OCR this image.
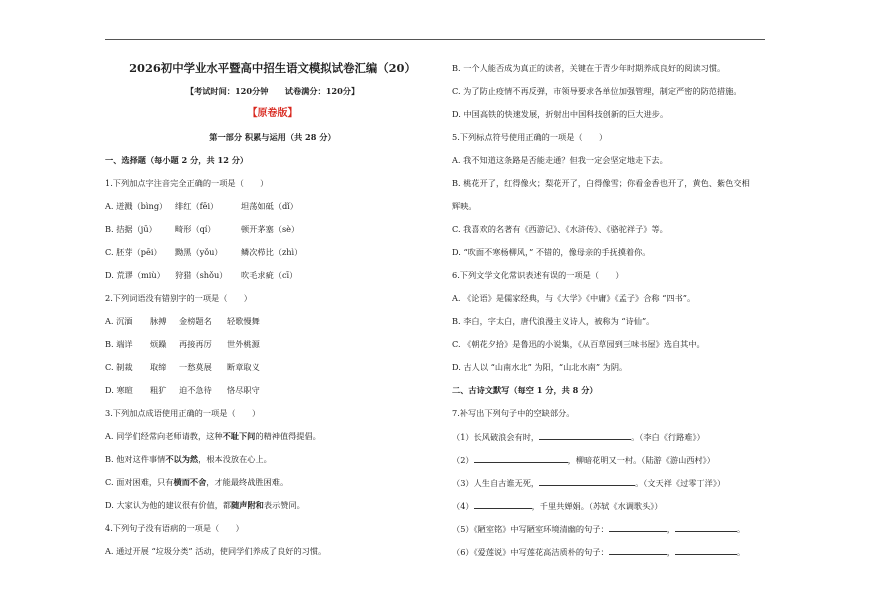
2026初中学业水平暨高中招生语文模拟试卷汇编（20）
【考试时间：120分钟　　试卷满分：120分】
【原卷版】
第一部分 积累与运用（共 28 分）
一、选择题（每小题 2 分，共 12 分）
1.下列加点字注音完全正确的一项是（　　）
A. 迸溅（bìng） 绯红（fēi）	坦荡如砥（dǐ）
B. 拮据（jū） 畸形（qí）	顿开茅塞（sè）
C. 胚芽（pēi） 黝黑（yǒu） 鳞次栉比（zhì）
D. 荒谬（miù） 狩猎（shǒu） 吹毛求疵（cī）
2.下列词语没有错别字的一项是（　　）
A. 沉湎 脉搏 金榜题名 轻歌慢舞
B. 端详 烦躁 再接再厉 世外桃源
C. 制裁 取缔 一愁莫展 断章取义
D. 寒暄 粗犷 迫不急待 恪尽职守
3.下列加点成语使用正确的一项是（　　）
A. 同学们经常向老师请教，这种不耻下问的精神值得提倡。
B. 他对这件事情不以为然，根本没放在心上。
C. 面对困难，只有横而不舍，才能最终战胜困难。
D. 大家认为他的建议很有价值，都随声附和表示赞同。
4.下列句子没有语病的一项是（　　）
A. 通过开展 “垃圾分类” 活动，使同学们养成了良好的习惯。
B. 一个人能否成为真正的读者，关键在于青少年时期养成良好的阅读习惯。
C. 为了防止疫情不再反弹，市领导要求各单位加强管理，制定严密的防范措施。
D. 中国高铁的快速发展，折射出中国科技创新的巨大进步。
5.下列标点符号使用正确的一项是（　　）
A. 我不知道这条路是否能走通？但我一定会坚定地走下去。
B. 桃花开了，红得像火；梨花开了，白得像雪；你看金香也开了，黄色、紫色交相
辉映。
C. 我喜欢的名著有《西游记》、《水浒传》、《骆驼祥子》等。
D. “吹面不寒杨柳风，” 不错的，像母亲的手抚摸着你。
6.下列文学文化常识表述有误的一项是（　　）
A. 《论语》是儒家经典，与《大学》《中庸》《孟子》合称 “四书”。
B. 李白，字太白，唐代浪漫主义诗人，被称为 “诗仙”。
C. 《朝花夕拾》是鲁迅的小说集，《从百草园到三味书屋》选自其中。
D. 古人以 “山南水北” 为阳，“山北水南” 为阴。
二、古诗文默写（每空 1 分，共 8 分）
7.补写出下列句子中的空缺部分。
（1）长风破浪会有时，	。（李白《行路难》）
（2）	，柳暗花明又一村。（陆游《游山西村》）
（3）人生自古谁无死，	。（文天祥《过零丁洋》）
（4）	，千里共婵娟。（苏轼《水调歌头》）
（5）《陋室铭》中写陋室环境清幽的句子：	，	。
（6）《爱莲说》中写莲花高洁质朴的句子：	，	。
